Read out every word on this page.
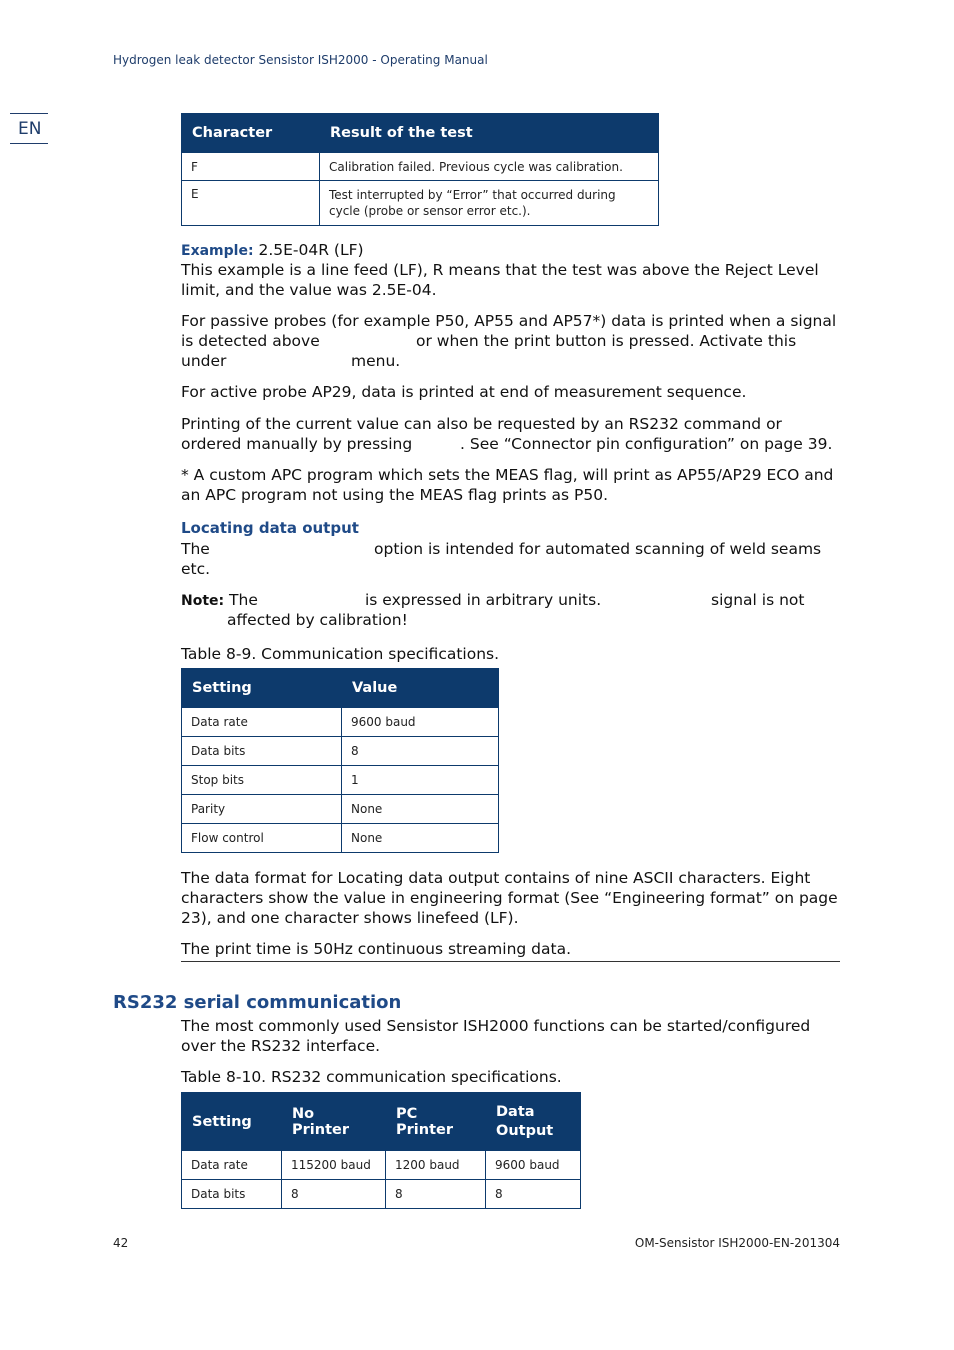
Hydrogen leak detector Sensistor ISH2000 - Operating Manual
EN	Character	Result of the test
F	Calibration failed. Previous cycle was calibration.
E	Test interrupted by “Error” that occurred during cycle (probe or sensor error etc.).
Example: 2.5E-04R (LF)
This example is a line feed (LF), R means that the test was above the Reject Level limit, and the value was 2.5E-04.
For passive probes (for example P50, AP55 and AP57*) data is printed when a signal
is detected above	or when the print button is pressed. Activate this
under	menu.
For active probe AP29, data is printed at end of measurement sequence.
Printing of the current value can also be requested by an RS232 command or
ordered manually by pressing	. See “Connector pin configuration” on page 39.
* A custom APC program which sets the MEAS flag, will print as AP55/AP29 ECO and an APC program not using the MEAS flag prints as P50.
Locating data output
The	option is intended for automated scanning of weld seams
etc.
Note: The	is expressed in arbitrary units.	signal is not
affected by calibration!
Table 8-9. Communication specifications.
Setting	Value
Data rate	9600 baud
Data bits	8
Stop bits	1
Parity	None
Flow control	None
The data format for Locating data output contains of nine ASCII characters. Eight characters show the value in engineering format (See “Engineering format” on page 23), and one character shows linefeed (LF).
The print time is 50Hz continuous streaming data.
RS232 serial communication
The most commonly used Sensistor ISH2000 functions can be started/configured over the RS232 interface.
Table 8-10. RS232 communication specifications.
Setting	No Printer	PC Printer	Data Output
Data rate	115200 baud	1200 baud	9600 baud
Data bits	8	8	8
42	OM-Sensistor ISH2000-EN-201304
